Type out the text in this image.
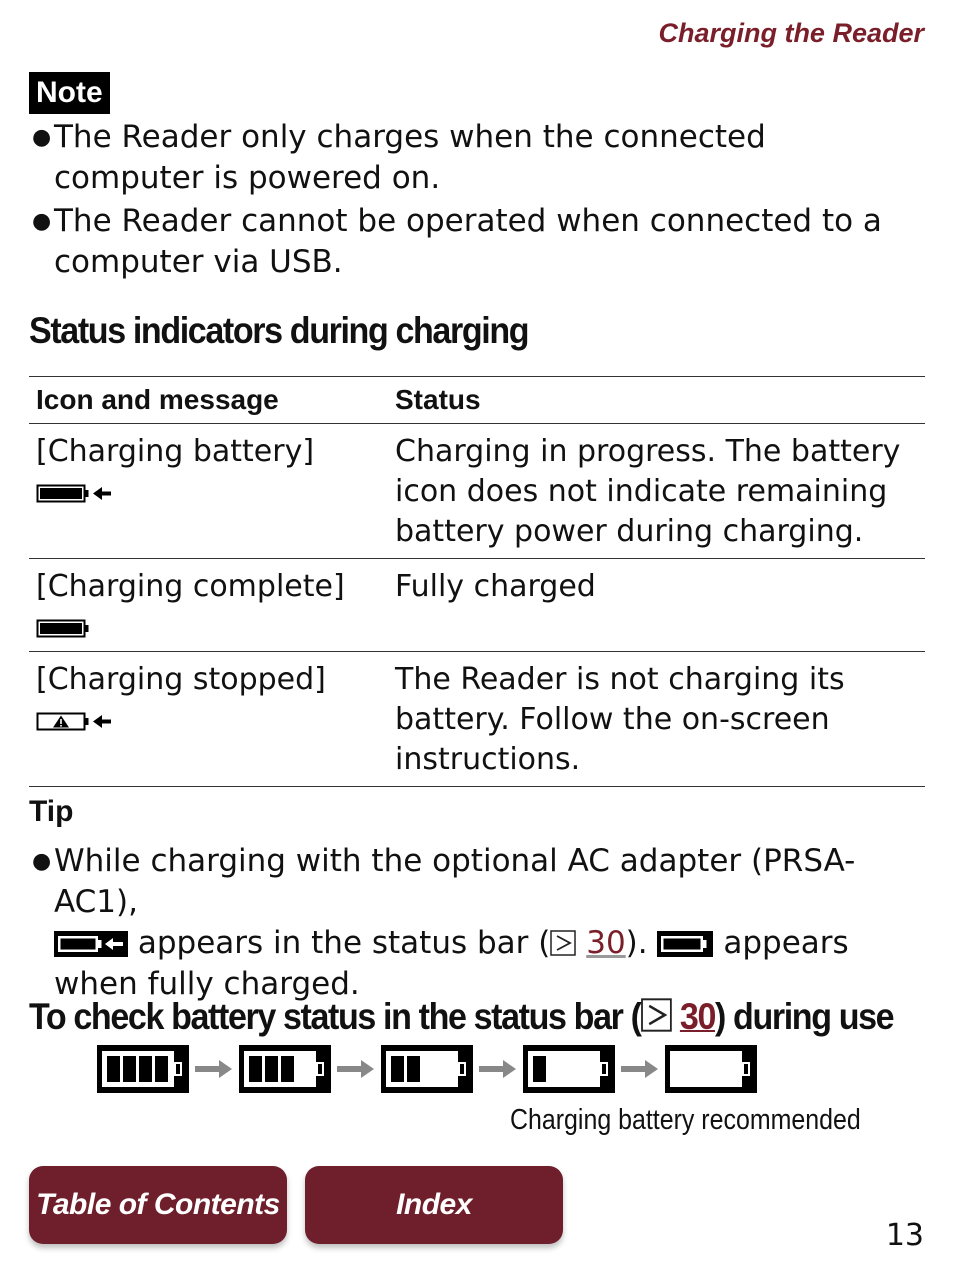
Charging the Reader
Note
● The Reader only charges when the connected computer is powered on.
● The Reader cannot be operated when connected to a computer via USB.
Status indicators during charging
Icon and message	Status
[Charging battery]	Charging in progress. The battery icon does not indicate remaining battery power during charging.
[Charging complete]	Fully charged
[Charging stopped]	The Reader is not charging its battery. Follow the on-screen instructions.
Tip
● While charging with the optional AC adapter (PRSA-AC1),
appears in the status bar ( 30).  appears when fully charged.
To check battery status in the status bar ( 30) during use
Charging battery recommended
Table of Contents	Index
13
